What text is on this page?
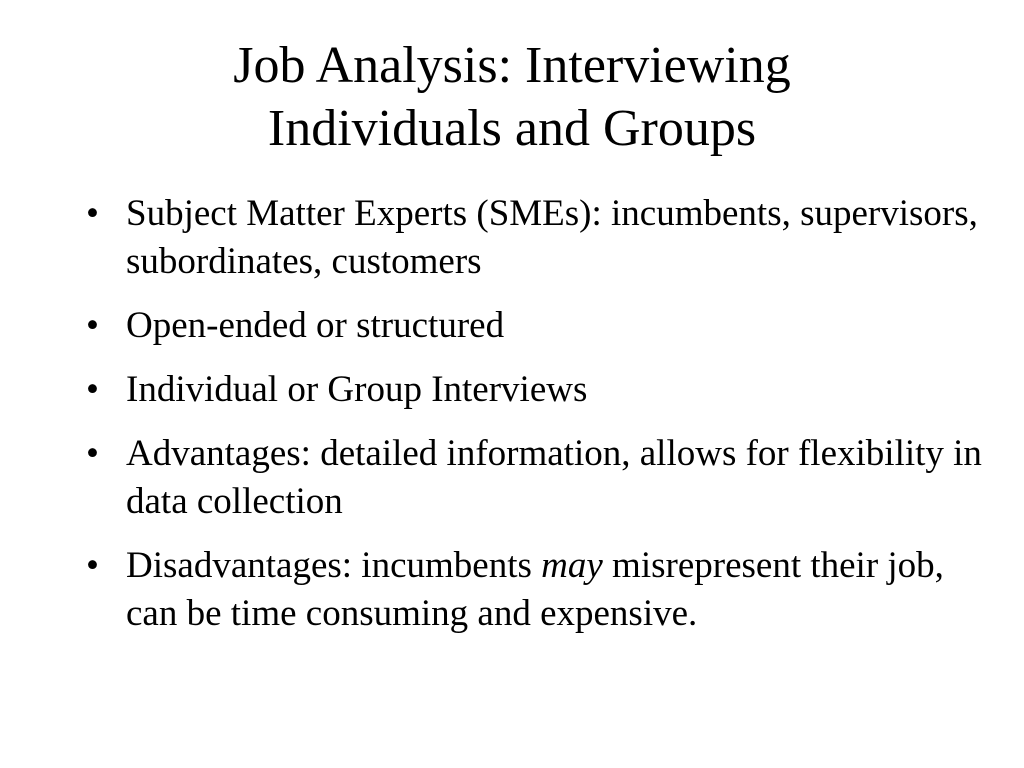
Job Analysis: Interviewing
Individuals and Groups
• Subject Matter Experts (SMEs): incumbents, supervisors, subordinates, customers
• Open-ended or structured
• Individual or Group Interviews
• Advantages: detailed information, allows for flexibility in data collection
• Disadvantages: incumbents may misrepresent their job, can be time consuming and expensive.
